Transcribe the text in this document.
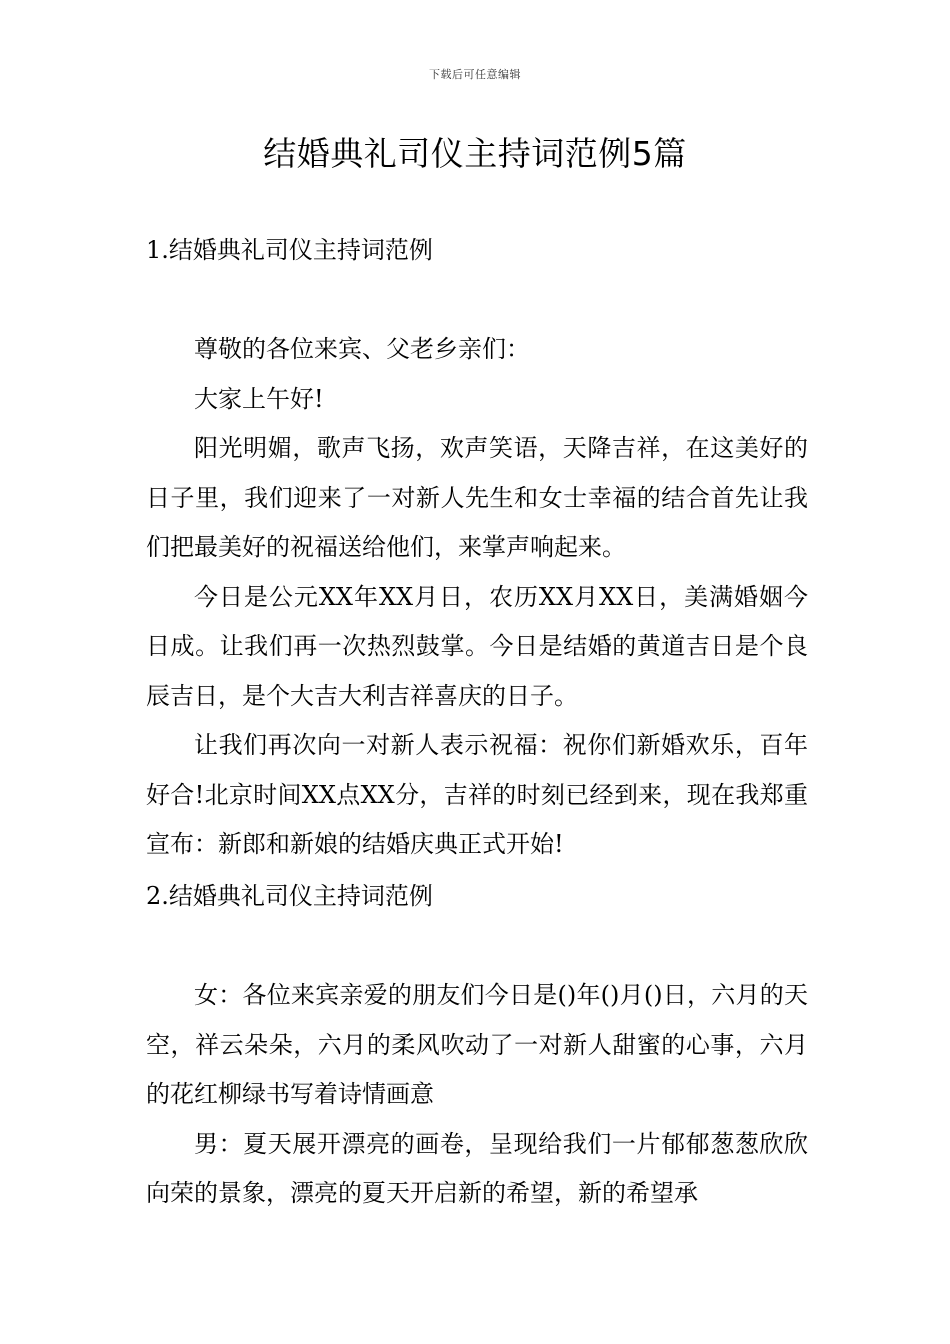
下载后可任意编辑
结婚典礼司仪主持词范例5篇

1.结婚典礼司仪主持词范例

尊敬的各位来宾、父老乡亲们：

大家上午好!

阳光明媚，歌声飞扬，欢声笑语，天降吉祥，在这美好的日子里，我们迎来了一对新人先生和女士幸福的结合首先让我们把最美好的祝福送给他们，来掌声响起来。

今日是公元XX年XX月日，农历XX月XX日，美满婚姻今日成。让我们再一次热烈鼓掌。今日是结婚的黄道吉日是个良辰吉日，是个大吉大利吉祥喜庆的日子。

让我们再次向一对新人表示祝福：祝你们新婚欢乐，百年好合!北京时间XX点XX分，吉祥的时刻已经到来，现在我郑重宣布：新郎和新娘的结婚庆典正式开始!

2.结婚典礼司仪主持词范例

女：各位来宾亲爱的朋友们今日是()年()月()日，六月的天空，祥云朵朵，六月的柔风吹动了一对新人甜蜜的心事，六月的花红柳绿书写着诗情画意

男：夏天展开漂亮的画卷，呈现给我们一片郁郁葱葱欣欣向荣的景象，漂亮的夏天开启新的希望，新的希望承
